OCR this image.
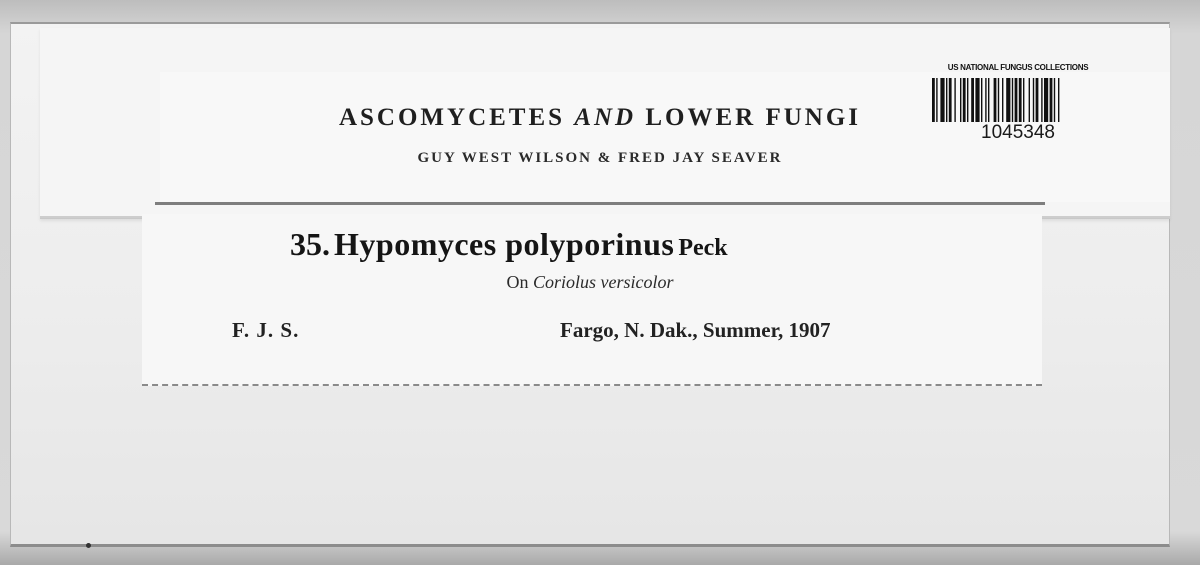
ASCOMYCETES AND LOWER FUNGI
GUY WEST WILSON & FRED JAY SEAVER
US NATIONAL FUNGUS COLLECTIONS
1045348
35. Hypomyces polyporinus Peck
On Coriolus versicolor
F. J. S.	Fargo, N. Dak., Summer, 1907
